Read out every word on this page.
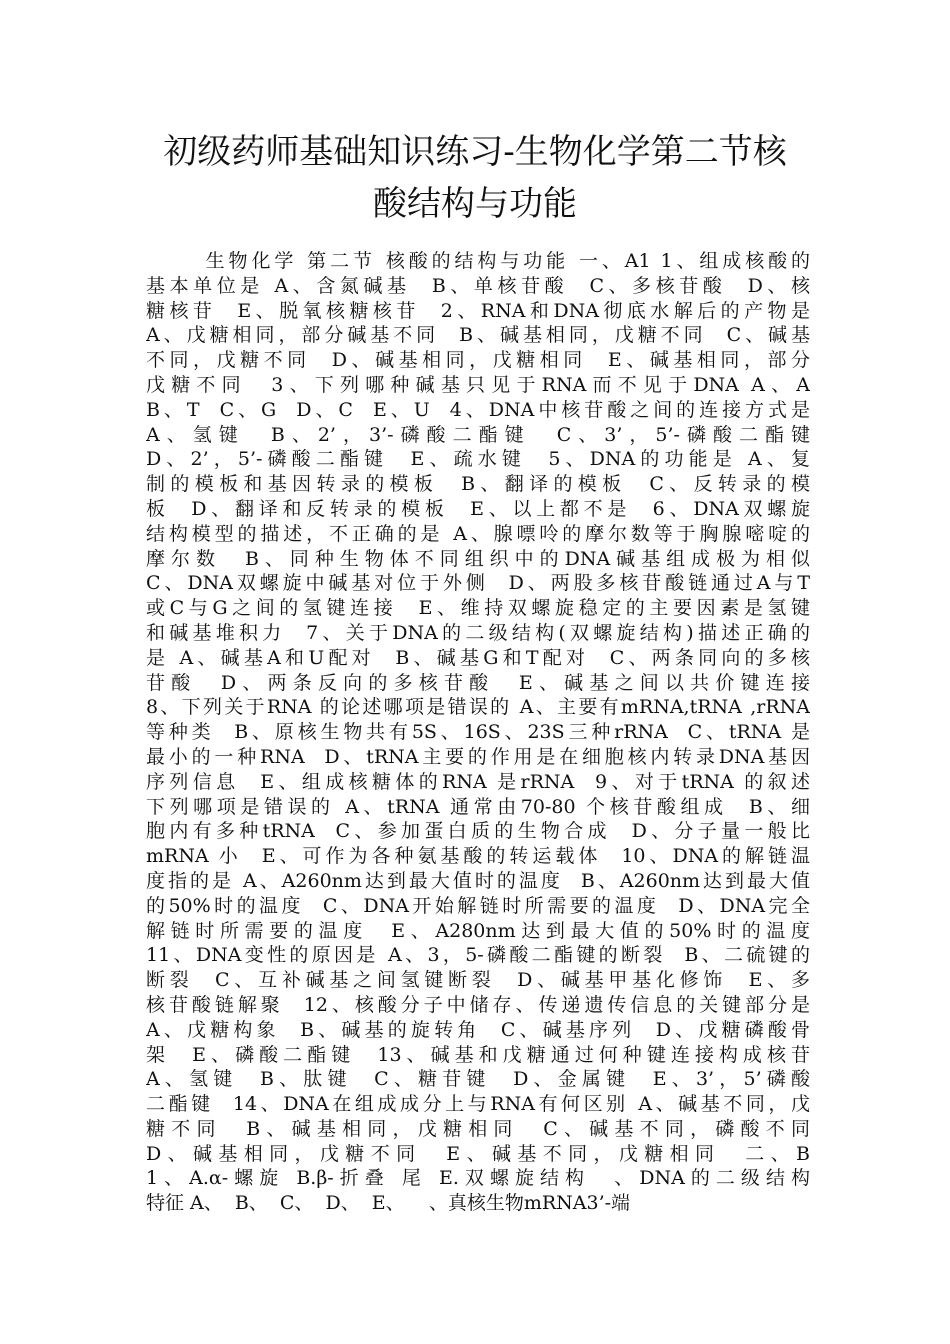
初级药师基础知识练习-生物化学第二节核
酸结构与功能
生物化学 第二节 核酸的结构与功能 一、A1 1、组成核酸的
基本单位是 A、含氮碱基  B、单核苷酸  C、多核苷酸  D、核
糖核苷  E、脱氧核糖核苷  2、RNA和DNA彻底水解后的产物是
A、戊糖相同，部分碱基不同  B、碱基相同，戊糖不同  C、碱基
不同，戊糖不同  D、碱基相同，戊糖相同  E、碱基相同，部分
戊糖不同  3、下列哪种碱基只见于RNA而不见于DNA A、A
B、T  C、G  D、C  E、U  4、DNA中核苷酸之间的连接方式是
A、氢键  B、2’，3’-磷酸二酯键  C、3’，5’-磷酸二酯键
D、2’，5’-磷酸二酯键  E、疏水键  5、DNA的功能是 A、复
制的模板和基因转录的模板  B、翻译的模板  C、反转录的模
板  D、翻译和反转录的模板  E、以上都不是  6、DNA双螺旋
结构模型的描述，不正确的是 A、腺嘌呤的摩尔数等于胸腺嘧啶的
摩尔数  B、同种生物体不同组织中的DNA碱基组成极为相似
C、DNA双螺旋中碱基对位于外侧  D、两股多核苷酸链通过A与T
或C与G之间的氢键连接  E、维持双螺旋稳定的主要因素是氢键
和碱基堆积力  7、关于DNA的二级结构(双螺旋结构)描述正确的
是 A、碱基A和U配对  B、碱基G和T配对  C、两条同向的多核
苷酸  D、两条反向的多核苷酸  E、碱基之间以共价键连接
8、下列关于RNA 的论述哪项是错误的 A、主要有mRNA,tRNA ,rRNA
等种类  B、原核生物共有5S、16S、23S三种rRNA  C、tRNA 是
最小的一种RNA  D、tRNA主要的作用是在细胞核内转录DNA基因
序列信息  E、组成核糖体的RNA 是rRNA  9、对于tRNA 的叙述
下列哪项是错误的 A、tRNA 通常由70-80 个核苷酸组成  B、细
胞内有多种tRNA  C、参加蛋白质的生物合成  D、分子量一般比
mRNA 小  E、可作为各种氨基酸的转运载体  10、DNA的解链温
度指的是 A、A260nm达到最大值时的温度  B、A260nm达到最大值
的50%时的温度  C、DNA开始解链时所需要的温度  D、DNA完全
解链时所需要的温度  E、A280nm达到最大值的50%时的温度
11、DNA变性的原因是 A、3，5-磷酸二酯键的断裂  B、二硫键的
断裂  C、互补碱基之间氢键断裂  D、碱基甲基化修饰  E、多
核苷酸链解聚  12、核酸分子中储存、传递遗传信息的关键部分是
A、戊糖构象  B、碱基的旋转角  C、碱基序列  D、戊糖磷酸骨
架  E、磷酸二酯键  13、碱基和戊糖通过何种键连接构成核苷
A、氢键  B、肽键  C、糖苷键  D、金属键  E、3’，5’磷酸
二酯键  14、DNA在组成成分上与RNA有何区别 A、碱基不同，戊
糖不同  B、碱基相同，戊糖相同  C、碱基不同，磷酸不同
D、碱基相同，戊糖不同  E、碱基不同，戊糖相同  二、B
1、A.α-螺旋 B.β-折叠 尾 E.双螺旋结构  、DNA的二级结构
特征 A、  B、  C、  D、  E、    、真核生物mRNA3’-端
